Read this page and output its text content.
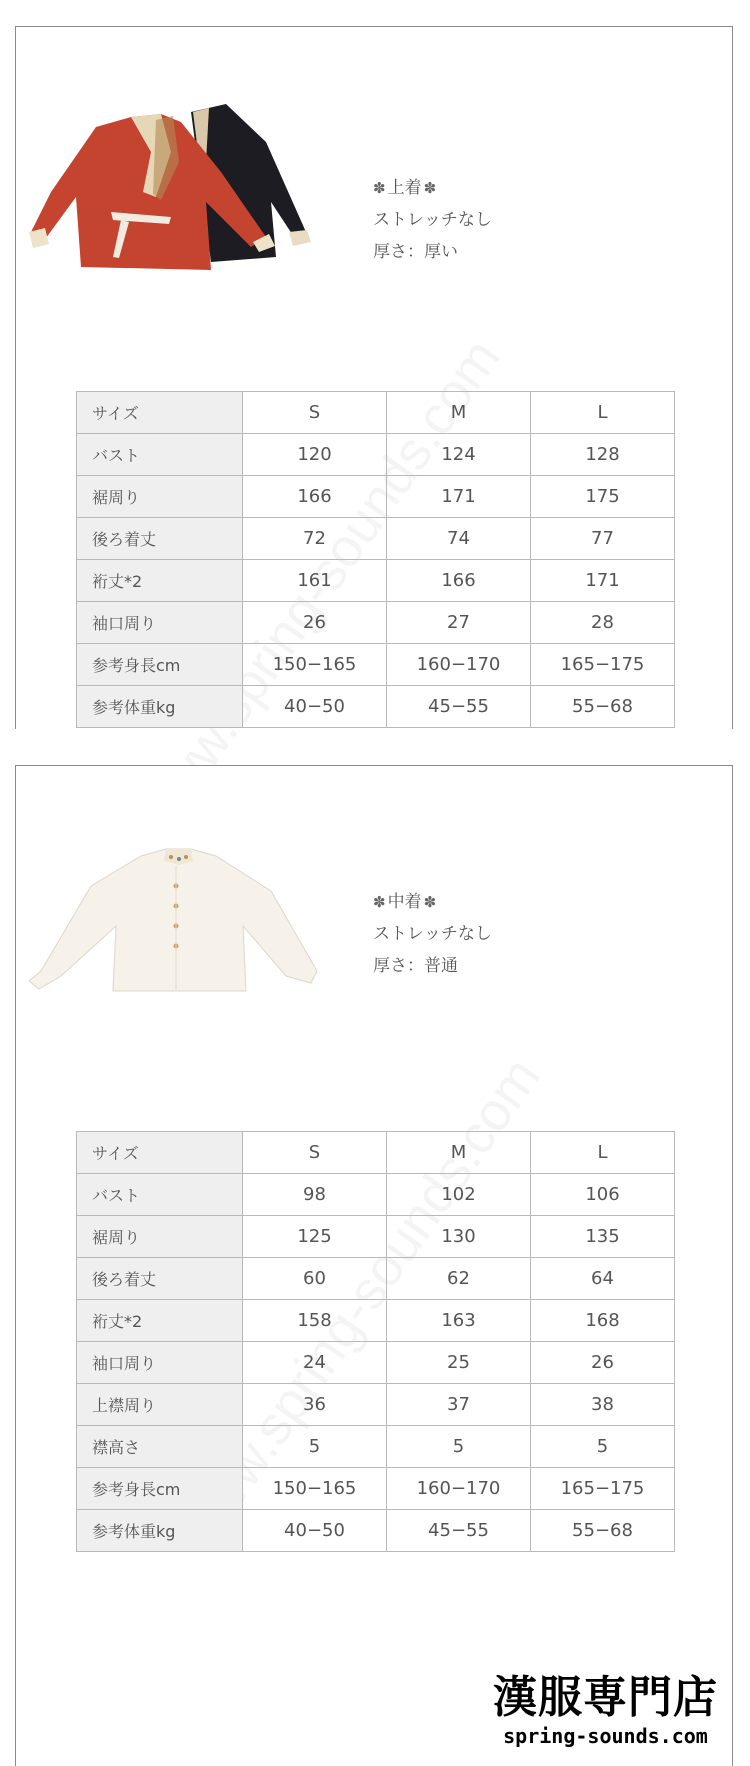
✽ 上着 ✽
ストレッチなし
厚さ：厚い
サイズ	S	M	L
バスト	120	124	128
裾周り	166	171	175
後ろ着丈	72	74	77
裄丈*2	161	166	171
袖口周り	26	27	28
参考身長cm	150−165	160−170	165−175
参考体重kg	40−50	45−55	55−68
✽ 中着 ✽
ストレッチなし
厚さ：普通
サイズ	S	M	L
バスト	98	102	106
裾周り	125	130	135
後ろ着丈	60	62	64
裄丈*2	158	163	168
袖口周り	24	25	26
上襟周り	36	37	38
襟高さ	5	5	5
参考身長cm	150−165	160−170	165−175
参考体重kg	40−50	45−55	55−68
漢服専門店
spring-sounds.com
